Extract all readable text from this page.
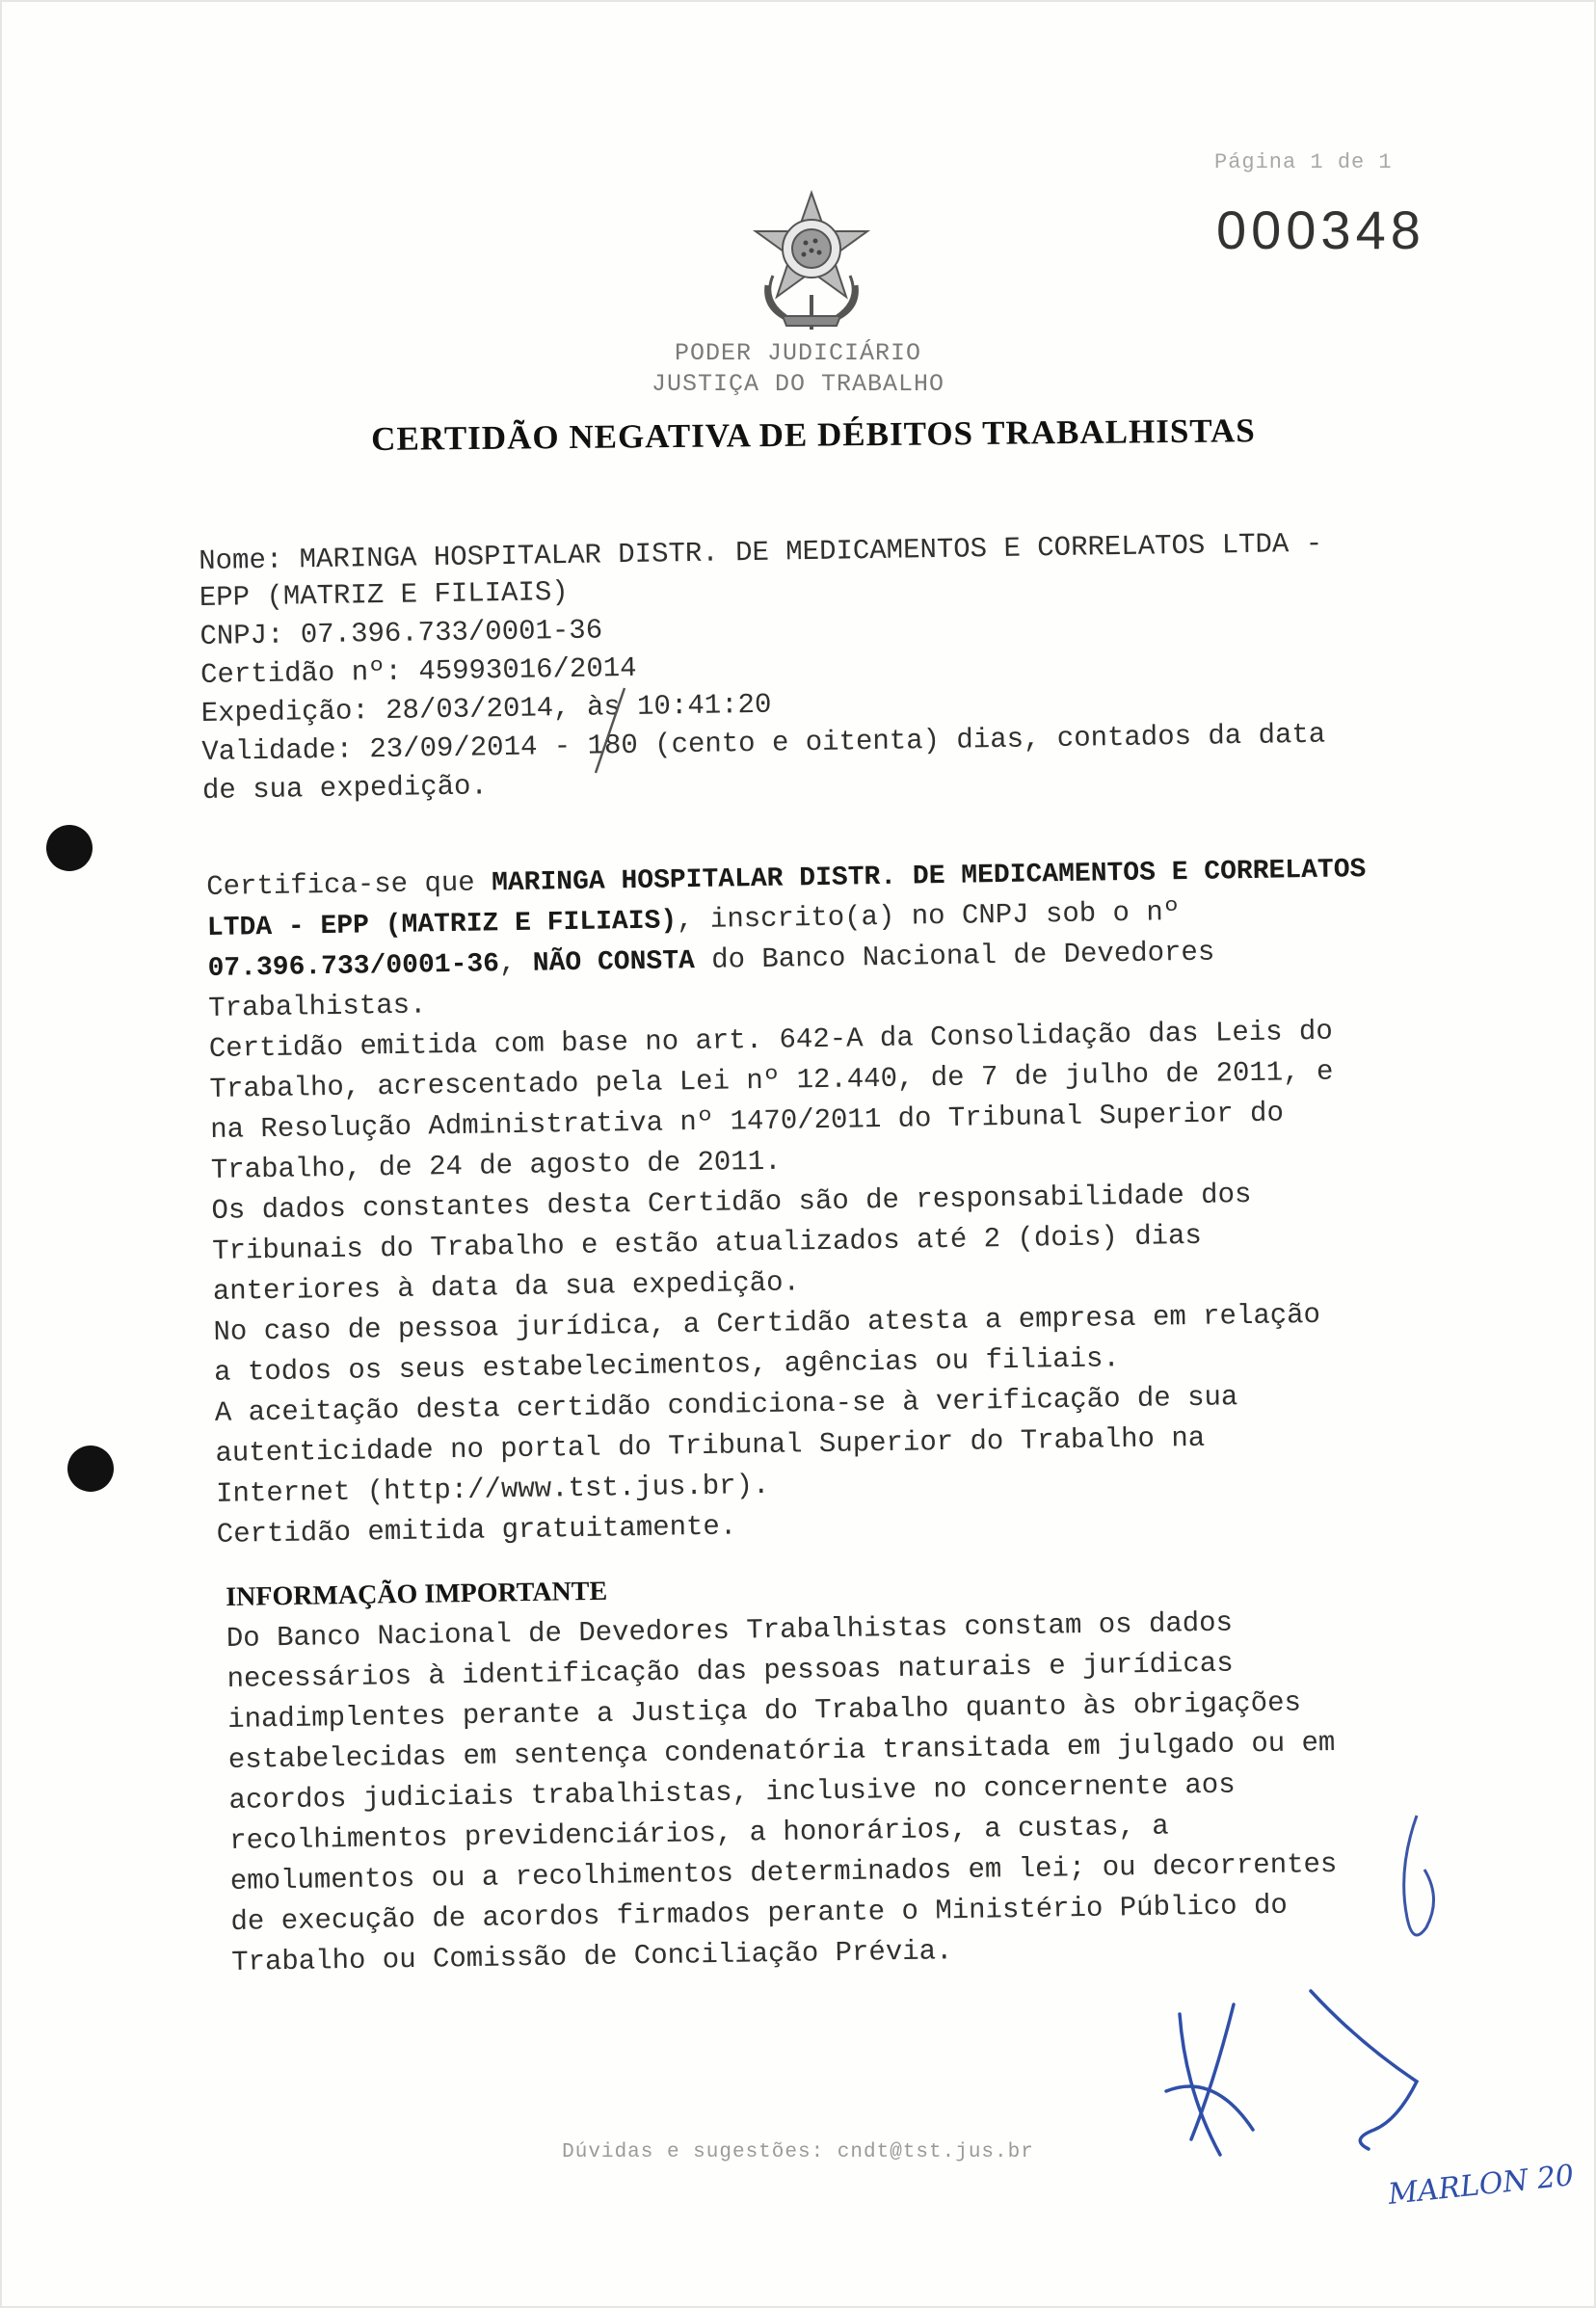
Página 1 de 1
000348
PODER JUDICIÁRIO
JUSTIÇA DO TRABALHO
CERTIDÃO NEGATIVA DE DÉBITOS TRABALHISTAS
Nome: MARINGA HOSPITALAR DISTR. DE MEDICAMENTOS E CORRELATOS LTDA -
EPP (MATRIZ E FILIAIS)
CNPJ: 07.396.733/0001-36
Certidão nº: 45993016/2014
Expedição: 28/03/2014, às 10:41:20
Validade: 23/09/2014 - 180 (cento e oitenta) dias, contados da data
de sua expedição.
Certifica-se que MARINGA HOSPITALAR DISTR. DE MEDICAMENTOS E CORRELATOS
LTDA - EPP (MATRIZ E FILIAIS), inscrito(a) no CNPJ sob o nº
07.396.733/0001-36, NÃO CONSTA do Banco Nacional de Devedores
Trabalhistas.
Certidão emitida com base no art. 642-A da Consolidação das Leis do
Trabalho, acrescentado pela Lei nº 12.440, de 7 de julho de 2011, e
na Resolução Administrativa nº 1470/2011 do Tribunal Superior do
Trabalho, de 24 de agosto de 2011.
Os dados constantes desta Certidão são de responsabilidade dos
Tribunais do Trabalho e estão atualizados até 2 (dois) dias
anteriores à data da sua expedição.
No caso de pessoa jurídica, a Certidão atesta a empresa em relação
a todos os seus estabelecimentos, agências ou filiais.
A aceitação desta certidão condiciona-se à verificação de sua
autenticidade no portal do Tribunal Superior do Trabalho na
Internet (http://www.tst.jus.br).
Certidão emitida gratuitamente.
INFORMAÇÃO IMPORTANTE
Do Banco Nacional de Devedores Trabalhistas constam os dados
necessários à identificação das pessoas naturais e jurídicas
inadimplentes perante a Justiça do Trabalho quanto às obrigações
estabelecidas em sentença condenatória transitada em julgado ou em
acordos judiciais trabalhistas, inclusive no concernente aos
recolhimentos previdenciários, a honorários, a custas, a
emolumentos ou a recolhimentos determinados em lei; ou decorrentes
de execução de acordos firmados perante o Ministério Público do
Trabalho ou Comissão de Conciliação Prévia.
MARLON 20
Dúvidas e sugestões: cndt@tst.jus.br
